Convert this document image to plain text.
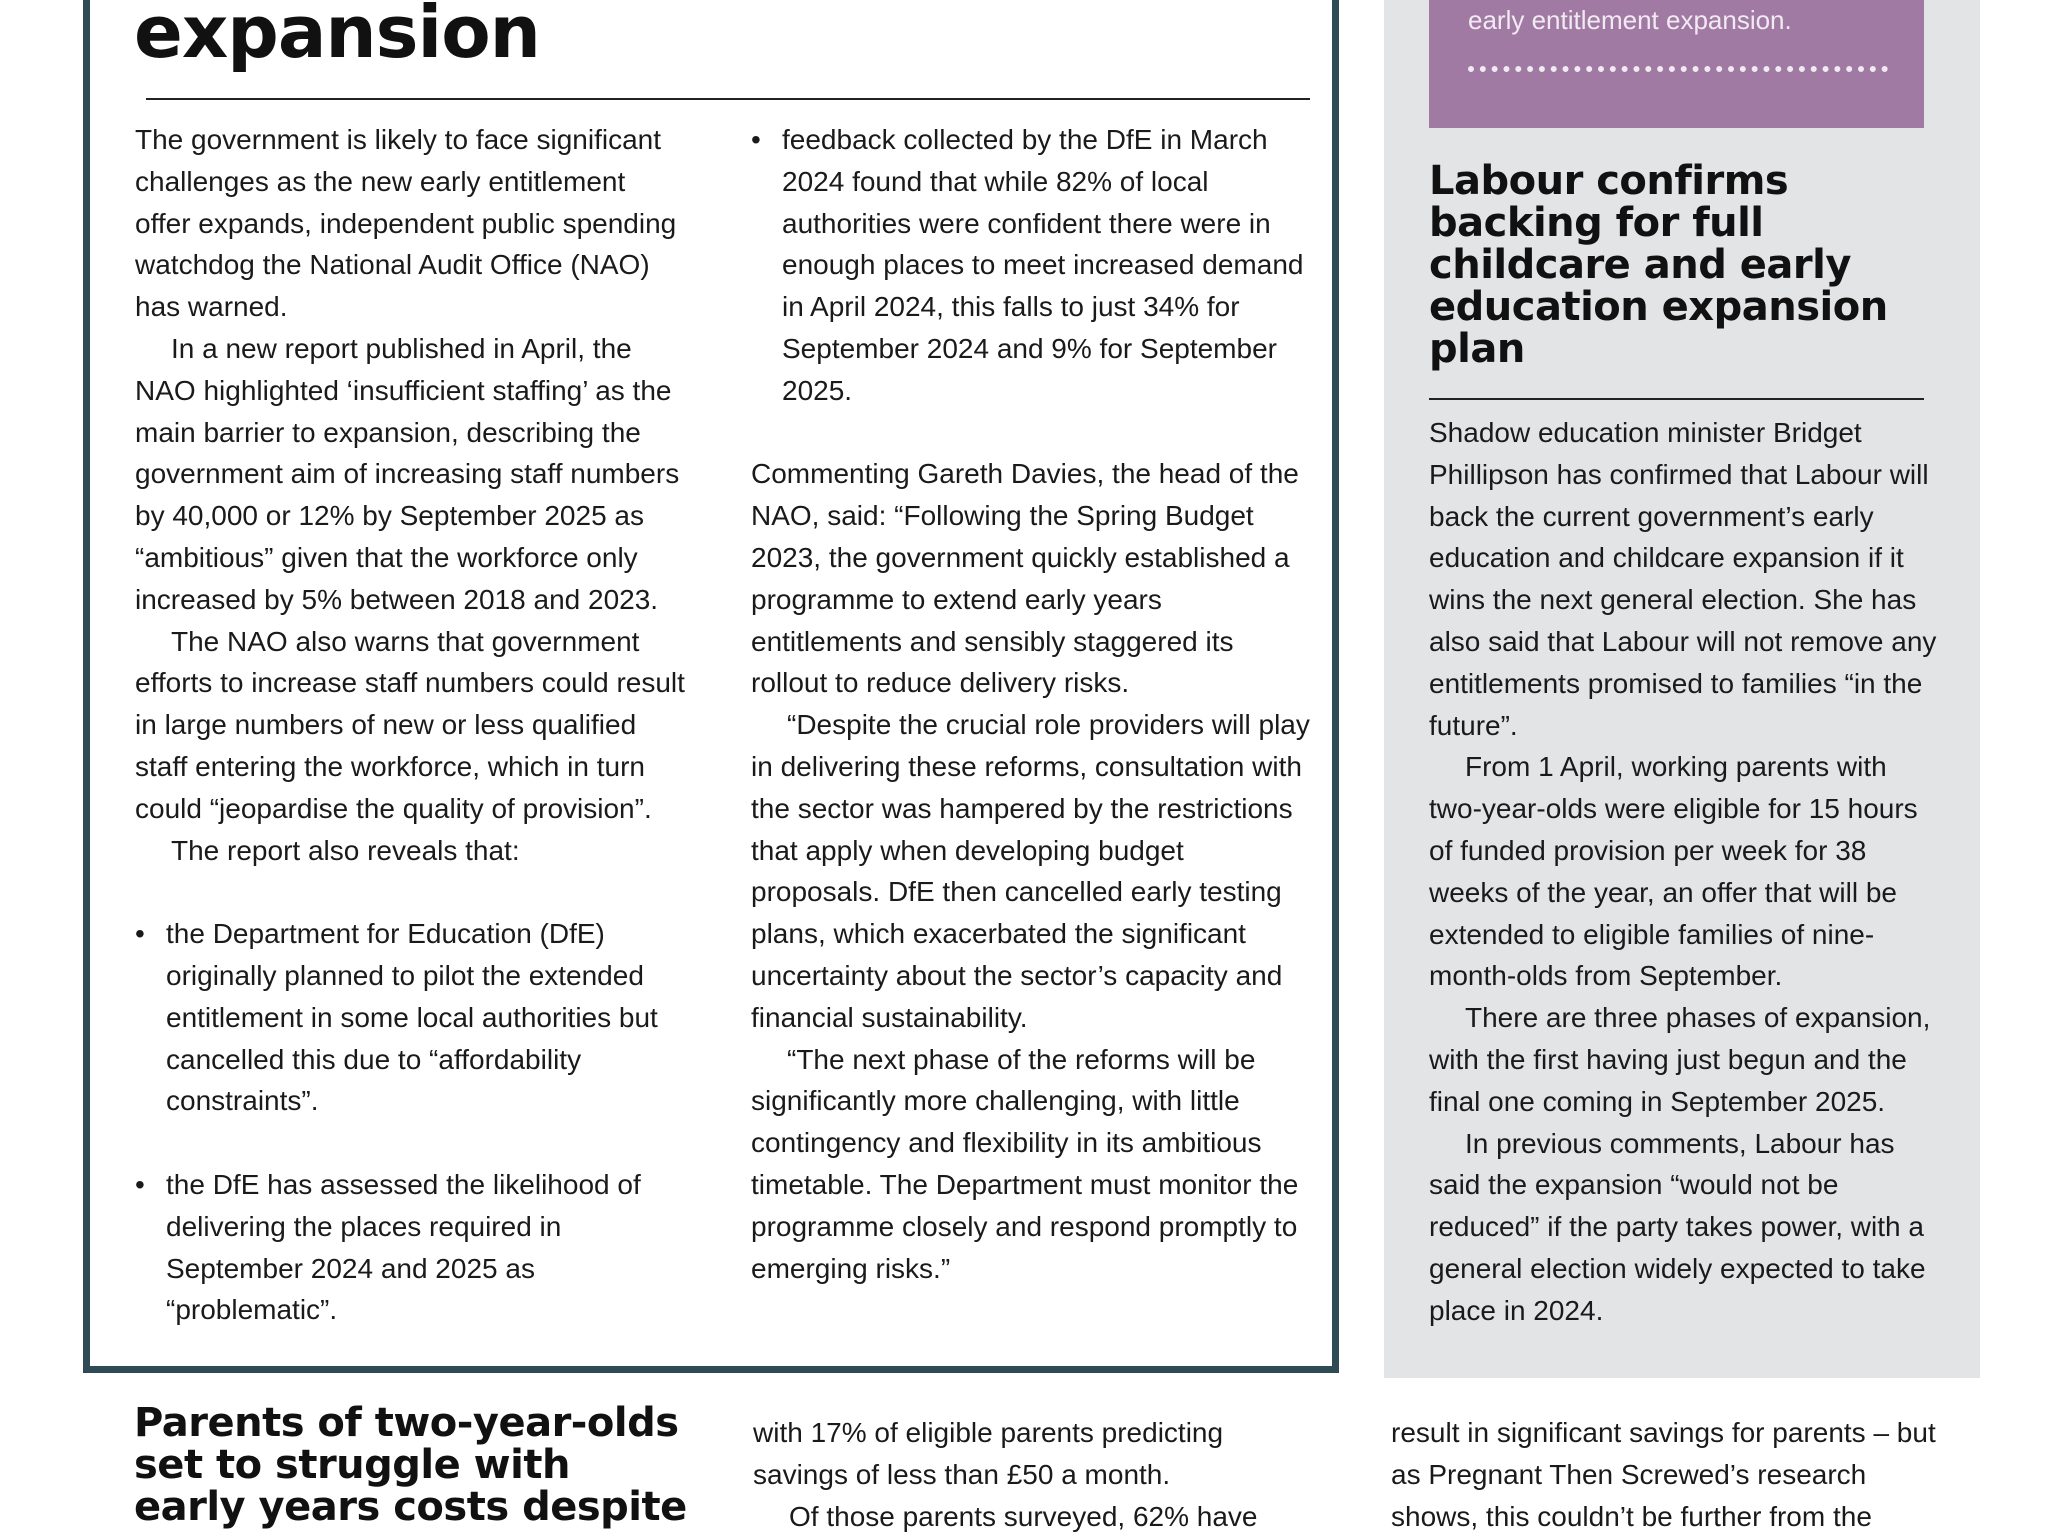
expansion

The government is likely to face significant challenges as the new early entitlement offer expands, independent public spending watchdog the National Audit Office (NAO) has warned.

In a new report published in April, the NAO highlighted ‘insufficient staffing’ as the main barrier to expansion, describing the government aim of increasing staff numbers by 40,000 or 12% by September 2025 as “ambitious” given that the workforce only increased by 5% between 2018 and 2023.

The NAO also warns that government efforts to increase staff numbers could result in large numbers of new or less qualified staff entering the workforce, which in turn could “jeopardise the quality of provision”.

The report also reveals that:

• the Department for Education (DfE) originally planned to pilot the extended entitlement in some local authorities but cancelled this due to “affordability constraints”.
• the DfE has assessed the likelihood of delivering the places required in September 2024 and 2025 as “problematic”.
• feedback collected by the DfE in March 2024 found that while 82% of local authorities were confident there were in enough places to meet increased demand in April 2024, this falls to just 34% for September 2024 and 9% for September 2025.

Commenting Gareth Davies, the head of the NAO, said: “Following the Spring Budget 2023, the government quickly established a programme to extend early years entitlements and sensibly staggered its rollout to reduce delivery risks.

“Despite the crucial role providers will play in delivering these reforms, consultation with the sector was hampered by the restrictions that apply when developing budget proposals. DfE then cancelled early testing plans, which exacerbated the significant uncertainty about the sector’s capacity and financial sustainability.

“The next phase of the reforms will be significantly more challenging, with little contingency and flexibility in its ambitious timetable. The Department must monitor the programme closely and respond promptly to emerging risks.”

early entitlement expansion.
Labour confirms backing for full childcare and early education expansion plan

Shadow education minister Bridget Phillipson has confirmed that Labour will back the current government’s early education and childcare expansion if it wins the next general election. She has also said that Labour will not remove any entitlements promised to families “in the future”.

From 1 April, working parents with two-year-olds were eligible for 15 hours of funded provision per week for 38 weeks of the year, an offer that will be extended to eligible families of nine-month-olds from September.

There are three phases of expansion, with the first having just begun and the final one coming in September 2025.

In previous comments, Labour has said the expansion “would not be reduced” if the party takes power, with a general election widely expected to take place in 2024.

Parents of two-year-olds set to struggle with early years costs despite

with 17% of eligible parents predicting savings of less than £50 a month.

Of those parents surveyed, 62% have

result in significant savings for parents – but as Pregnant Then Screwed’s research shows, this couldn’t be further from the
